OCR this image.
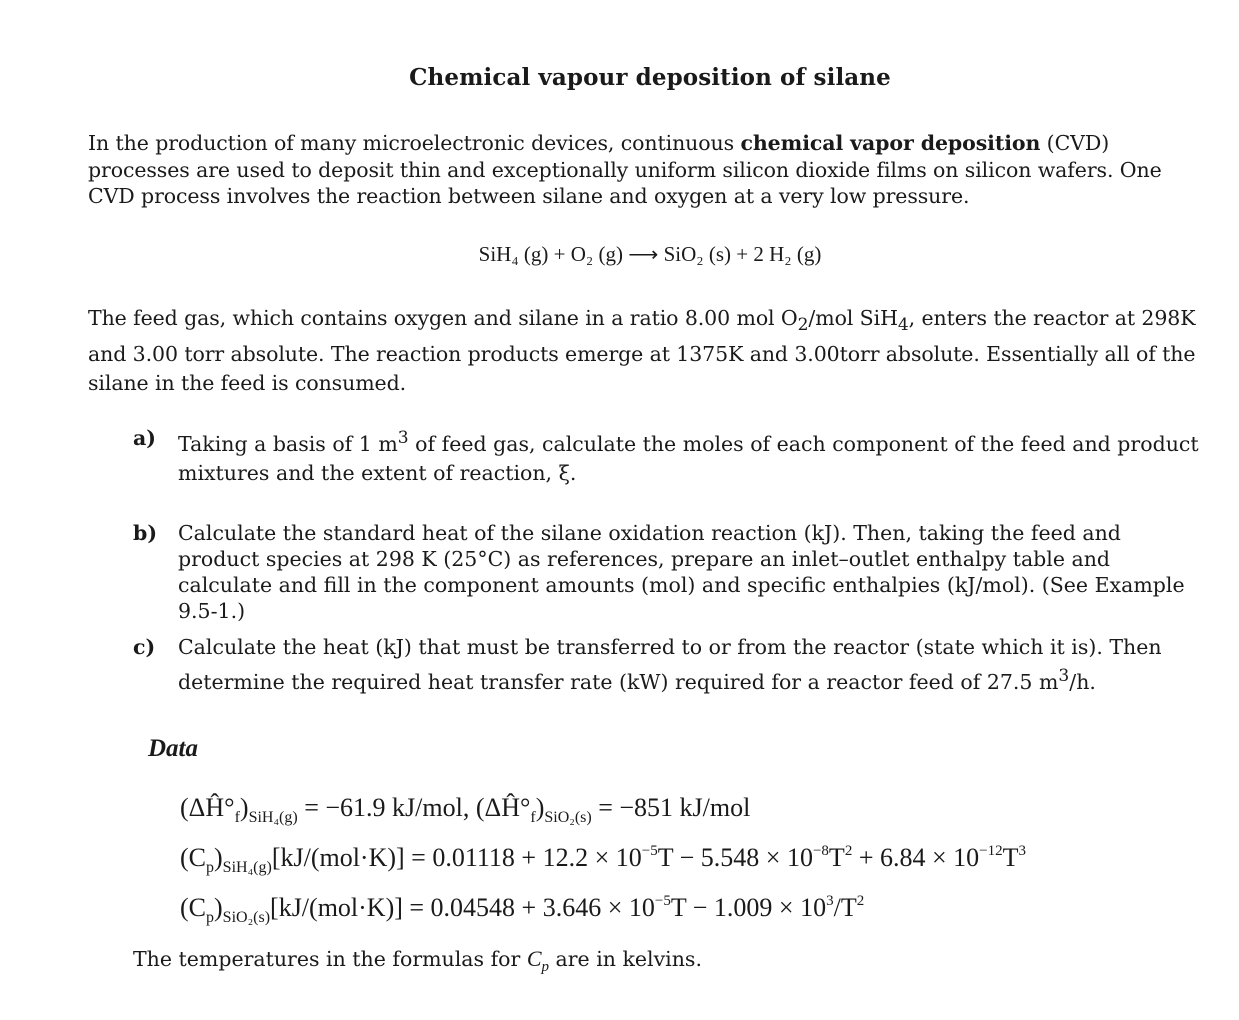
Chemical vapour deposition of silane
In the production of many microelectronic devices, continuous chemical vapor deposition (CVD) processes are used to deposit thin and exceptionally uniform silicon dioxide films on silicon wafers. One CVD process involves the reaction between silane and oxygen at a very low pressure.
SiH₄ (g) + O₂ (g) ⟶ SiO₂ (s) + 2 H₂ (g)
The feed gas, which contains oxygen and silane in a ratio 8.00 mol $O_2$/mol SiH$_4$, enters the reactor at 298K and 3.00 torr absolute. The reaction products emerge at 1375K and 3.00torr absolute. Essentially all of the silane in the feed is consumed.
a) Taking a basis of 1 $m^3$ of feed gas, calculate the moles of each component of the feed and product mixtures and the extent of reaction, ξ.
b) Calculate the standard heat of the silane oxidation reaction (kJ). Then, taking the feed and product species at 298 K (25°C) as references, prepare an inlet–outlet enthalpy table and calculate and fill in the component amounts (mol) and specific enthalpies (kJ/mol). (See Example 9.5-1.)
c) Calculate the heat (kJ) that must be transferred to or from the reactor (state which it is). Then determine the required heat transfer rate (kW) required for a reactor feed of 27.5 $m^3/h$.
Data
$(\Delta Ĥ^\circ_f)_{SiH_4(g)} = -61.9$ kJ/mol, $(\Delta Ĥ^\circ_f)_{SiO_2(s)} = -851$ kJ/mol
$(C_p)_{SiH_4(g)}[kJ/(mol\cdot K)] = 0.01118 + 12.2 \times 10^{-5}T - 5.548 \times 10^{-8}T^2 + 6.84 \times 10^{-12}T^3$
$(C_p)_{SiO_2(s)}[kJ/(mol\cdot K)] = 0.04548 + 3.646 \times 10^{-5}T - 1.009 \times 10^3/T^2$
The temperatures in the formulas for $C_p$ are in kelvins.
